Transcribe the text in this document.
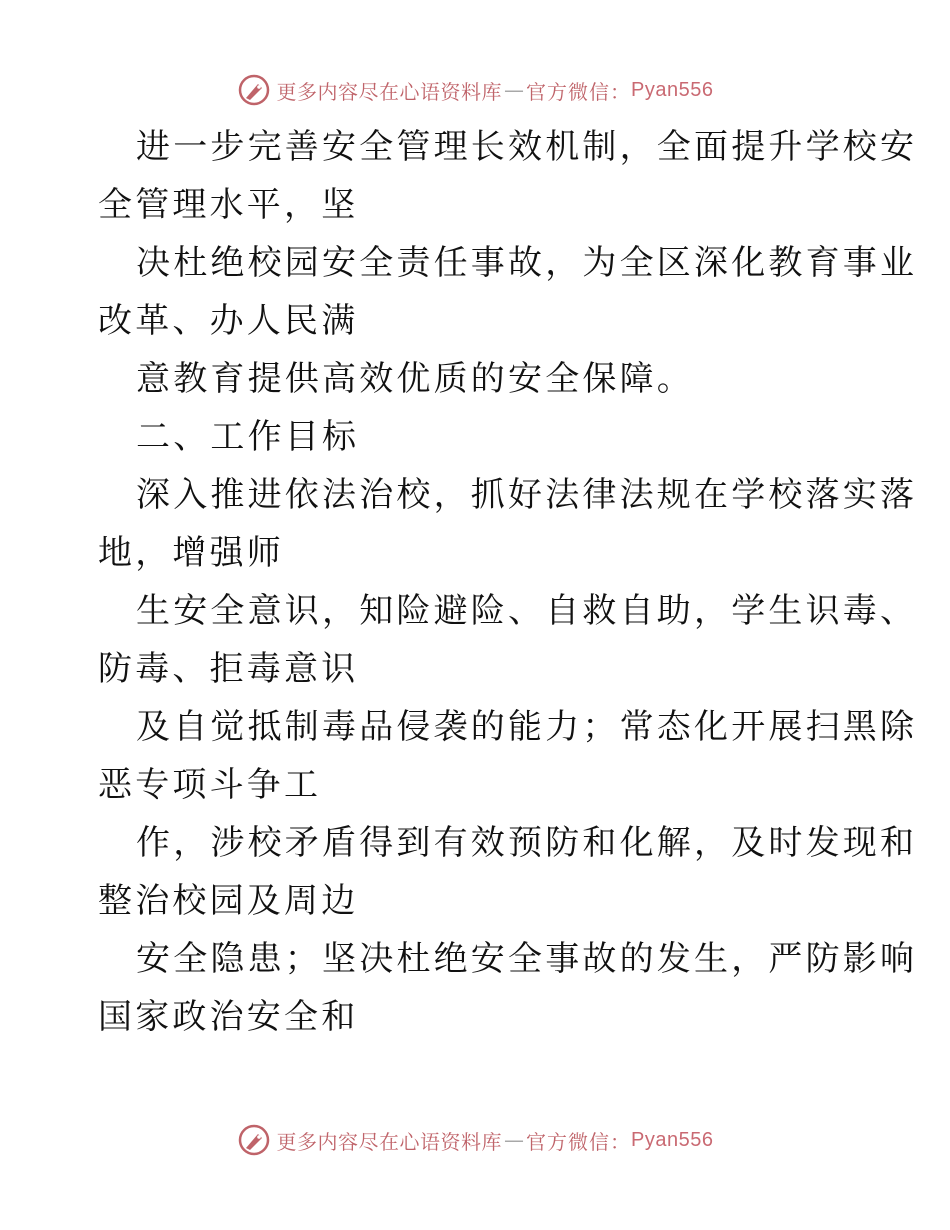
更多内容尽在心语资料库 — 官方微信： Pyan556
进一步完善安全管理长效机制，全面提升学校安
全管理水平，坚
决杜绝校园安全责任事故，为全区深化教育事业
改革、办人民满
意教育提供高效优质的安全保障。
二、工作目标
深入推进依法治校，抓好法律法规在学校落实落
地，增强师
生安全意识，知险避险、自救自助，学生识毒、
防毒、拒毒意识
及自觉抵制毒品侵袭的能力；常态化开展扫黑除
恶专项斗争工
作，涉校矛盾得到有效预防和化解，及时发现和
整治校园及周边
安全隐患；坚决杜绝安全事故的发生，严防影响
国家政治安全和
更多内容尽在心语资料库 — 官方微信： Pyan556
